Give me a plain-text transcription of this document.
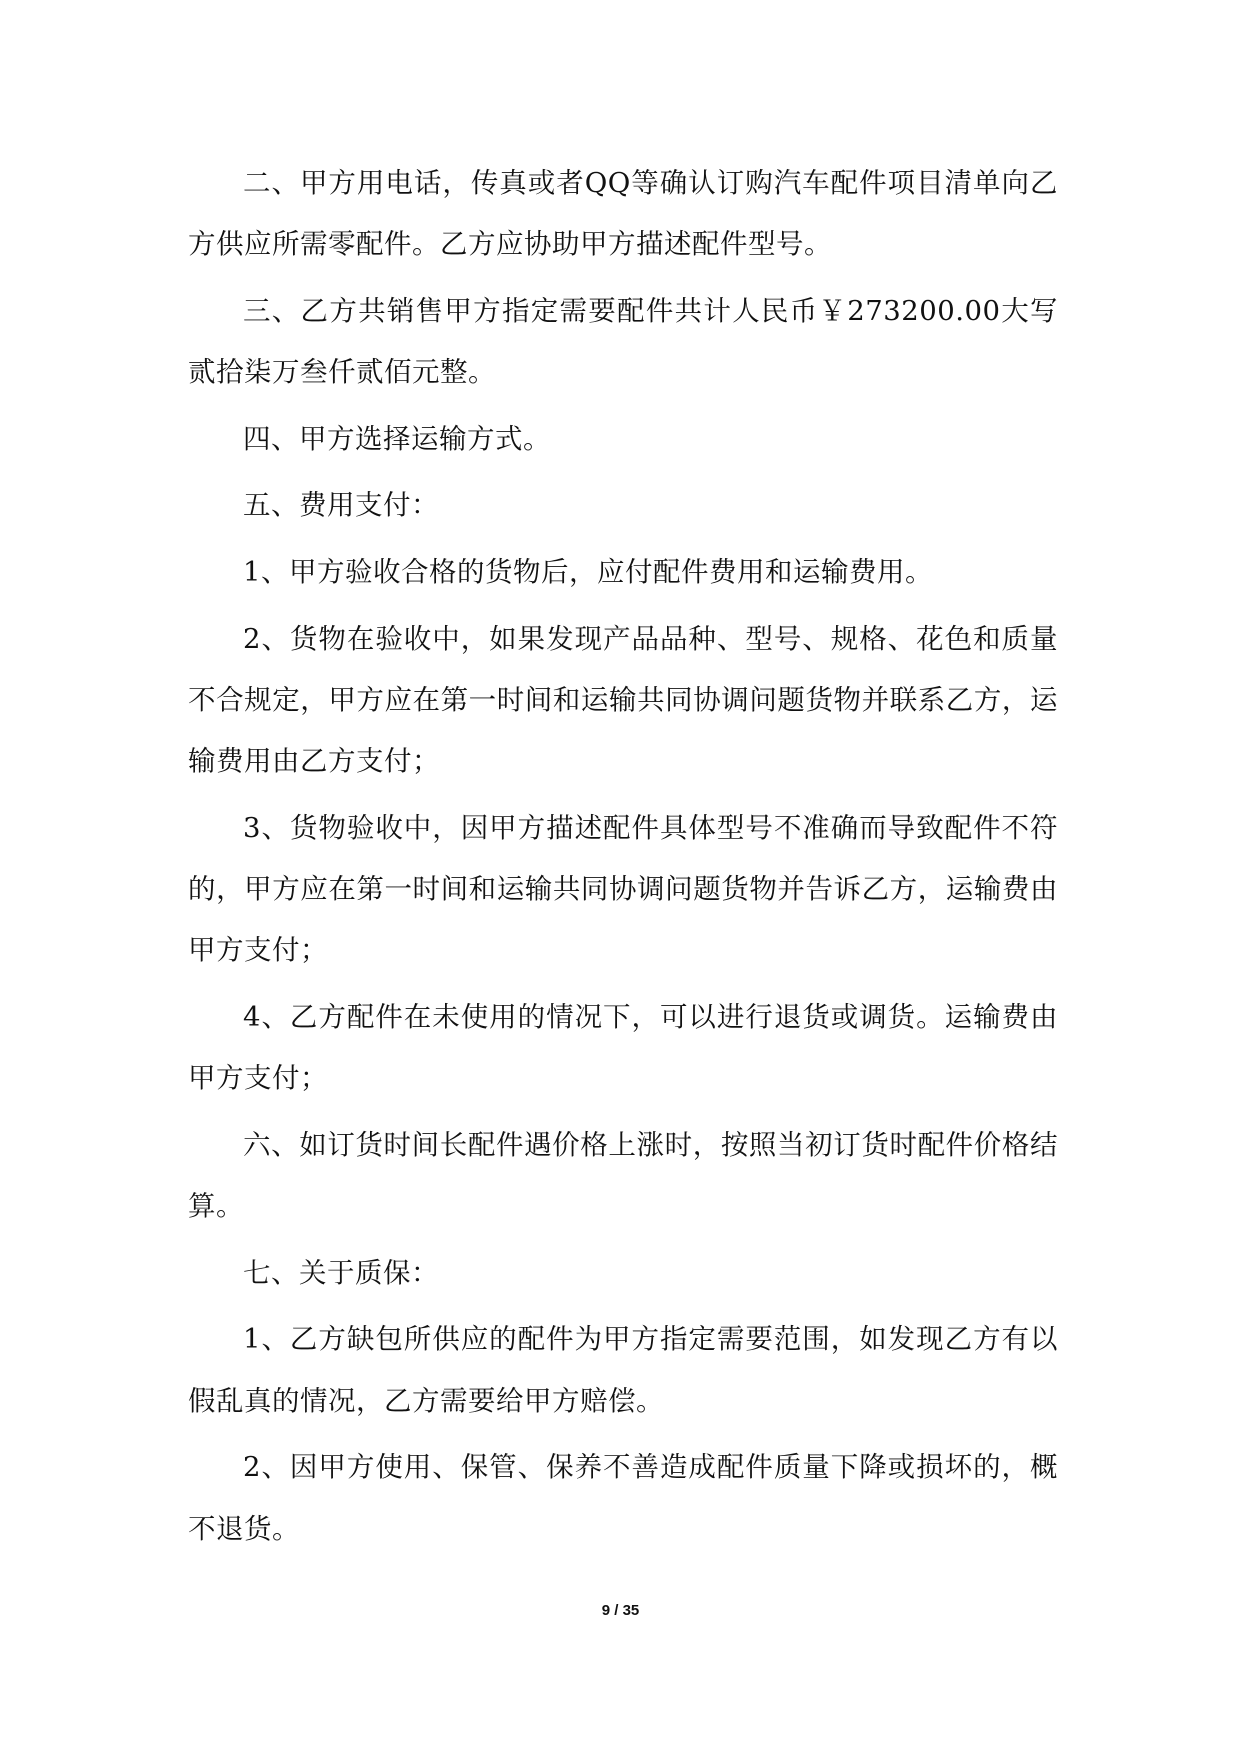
二、甲方用电话，传真或者QQ等确认订购汽车配件项目清单向乙方供应所需零配件。乙方应协助甲方描述配件型号。

三、乙方共销售甲方指定需要配件共计人民币￥273200.00大写贰拾柒万叁仟贰佰元整。

四、甲方选择运输方式。

五、费用支付：

1、甲方验收合格的货物后，应付配件费用和运输费用。

2、货物在验收中，如果发现产品品种、型号、规格、花色和质量不合规定，甲方应在第一时间和运输共同协调问题货物并联系乙方，运输费用由乙方支付；

3、货物验收中，因甲方描述配件具体型号不准确而导致配件不符的，甲方应在第一时间和运输共同协调问题货物并告诉乙方，运输费由甲方支付；

4、乙方配件在未使用的情况下，可以进行退货或调货。运输费由甲方支付；

六、如订货时间长配件遇价格上涨时，按照当初订货时配件价格结算。

七、关于质保：

1、乙方缺包所供应的配件为甲方指定需要范围，如发现乙方有以假乱真的情况，乙方需要给甲方赔偿。

2、因甲方使用、保管、保养不善造成配件质量下降或损坏的，概不退货。

9 / 35
